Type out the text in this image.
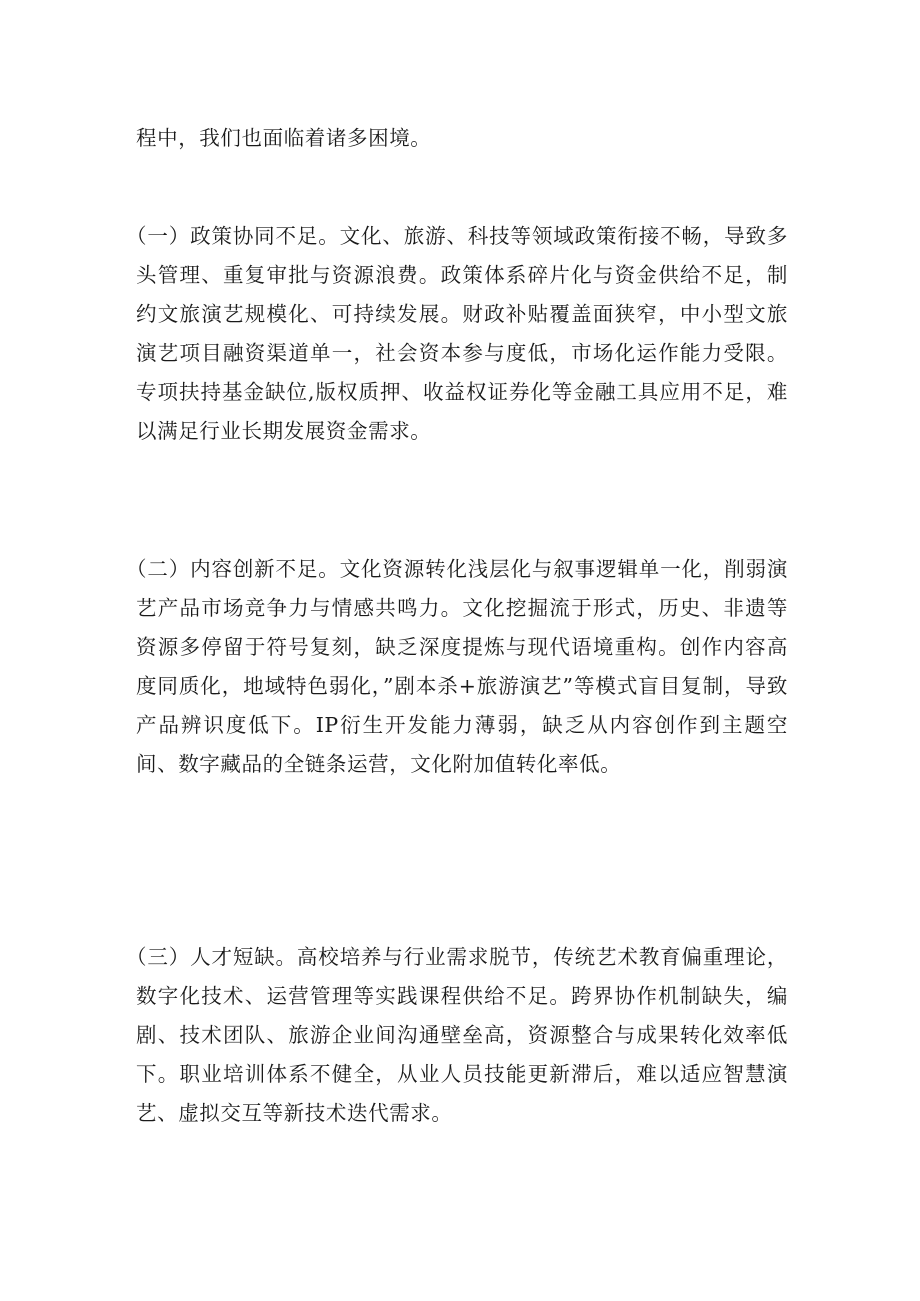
程中，我们也面临着诸多困境。

（一）政策协同不足。文化、旅游、科技等领域政策衔接不畅，导致多头管理、重复审批与资源浪费。政策体系碎片化与资金供给不足，制约文旅演艺规模化、可持续发展。财政补贴覆盖面狭窄，中小型文旅演艺项目融资渠道单一，社会资本参与度低，市场化运作能力受限。专项扶持基金缺位,版权质押、收益权证券化等金融工具应用不足，难以满足行业长期发展资金需求。

（二）内容创新不足。文化资源转化浅层化与叙事逻辑单一化，削弱演艺产品市场竞争力与情感共鸣力。文化挖掘流于形式，历史、非遗等资源多停留于符号复刻，缺乏深度提炼与现代语境重构。创作内容高度同质化，地域特色弱化，”剧本杀+旅游演艺”等模式盲目复制，导致产品辨识度低下。IP衍生开发能力薄弱，缺乏从内容创作到主题空间、数字藏品的全链条运营，文化附加值转化率低。

（三）人才短缺。高校培养与行业需求脱节，传统艺术教育偏重理论，数字化技术、运营管理等实践课程供给不足。跨界协作机制缺失，编剧、技术团队、旅游企业间沟通壁垒高，资源整合与成果转化效率低下。职业培训体系不健全，从业人员技能更新滞后，难以适应智慧演艺、虚拟交互等新技术迭代需求。
